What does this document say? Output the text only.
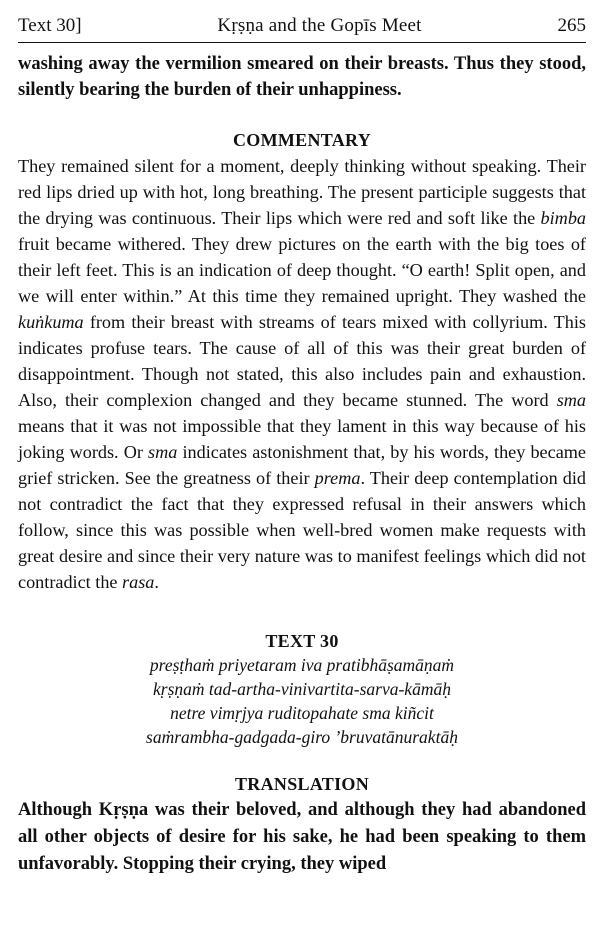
Text 30]	Kṛṣṇa and the Gopīs Meet	265

washing away the vermilion smeared on their breasts. Thus they stood, silently bearing the burden of their unhappiness.

COMMENTARY

They remained silent for a moment, deeply thinking without speaking. Their red lips dried up with hot, long breathing. The present participle suggests that the drying was continuous. Their lips which were red and soft like the bimba fruit became withered. They drew pictures on the earth with the big toes of their left feet. This is an indication of deep thought. “O earth! Split open, and we will enter within.” At this time they remained upright. They washed the kuṅkuma from their breast with streams of tears mixed with collyrium. This indicates profuse tears. The cause of all of this was their great burden of disappointment. Though not stated, this also includes pain and exhaustion. Also, their complexion changed and they became stunned. The word sma means that it was not impossible that they lament in this way because of his joking words. Or sma indicates astonishment that, by his words, they became grief stricken. See the greatness of their prema. Their deep contemplation did not contradict the fact that they expressed refusal in their answers which follow, since this was possible when well-bred women make requests with great desire and since their very nature was to manifest feelings which did not contradict the rasa.

TEXT 30
preṣṭhaṁ priyetaram iva pratibhāṣamāṇaṁ
kṛṣṇaṁ tad-artha-vinivartita-sarva-kāmāḥ
netre vimṛjya ruditopahate sma kiñcit
saṁrambha-gadgada-giro ’bruvatānuraktāḥ
TRANSLATION

Although Kṛṣṇa was their beloved, and although they had abandoned all other objects of desire for his sake, he had been speaking to them unfavorably. Stopping their crying, they wiped
